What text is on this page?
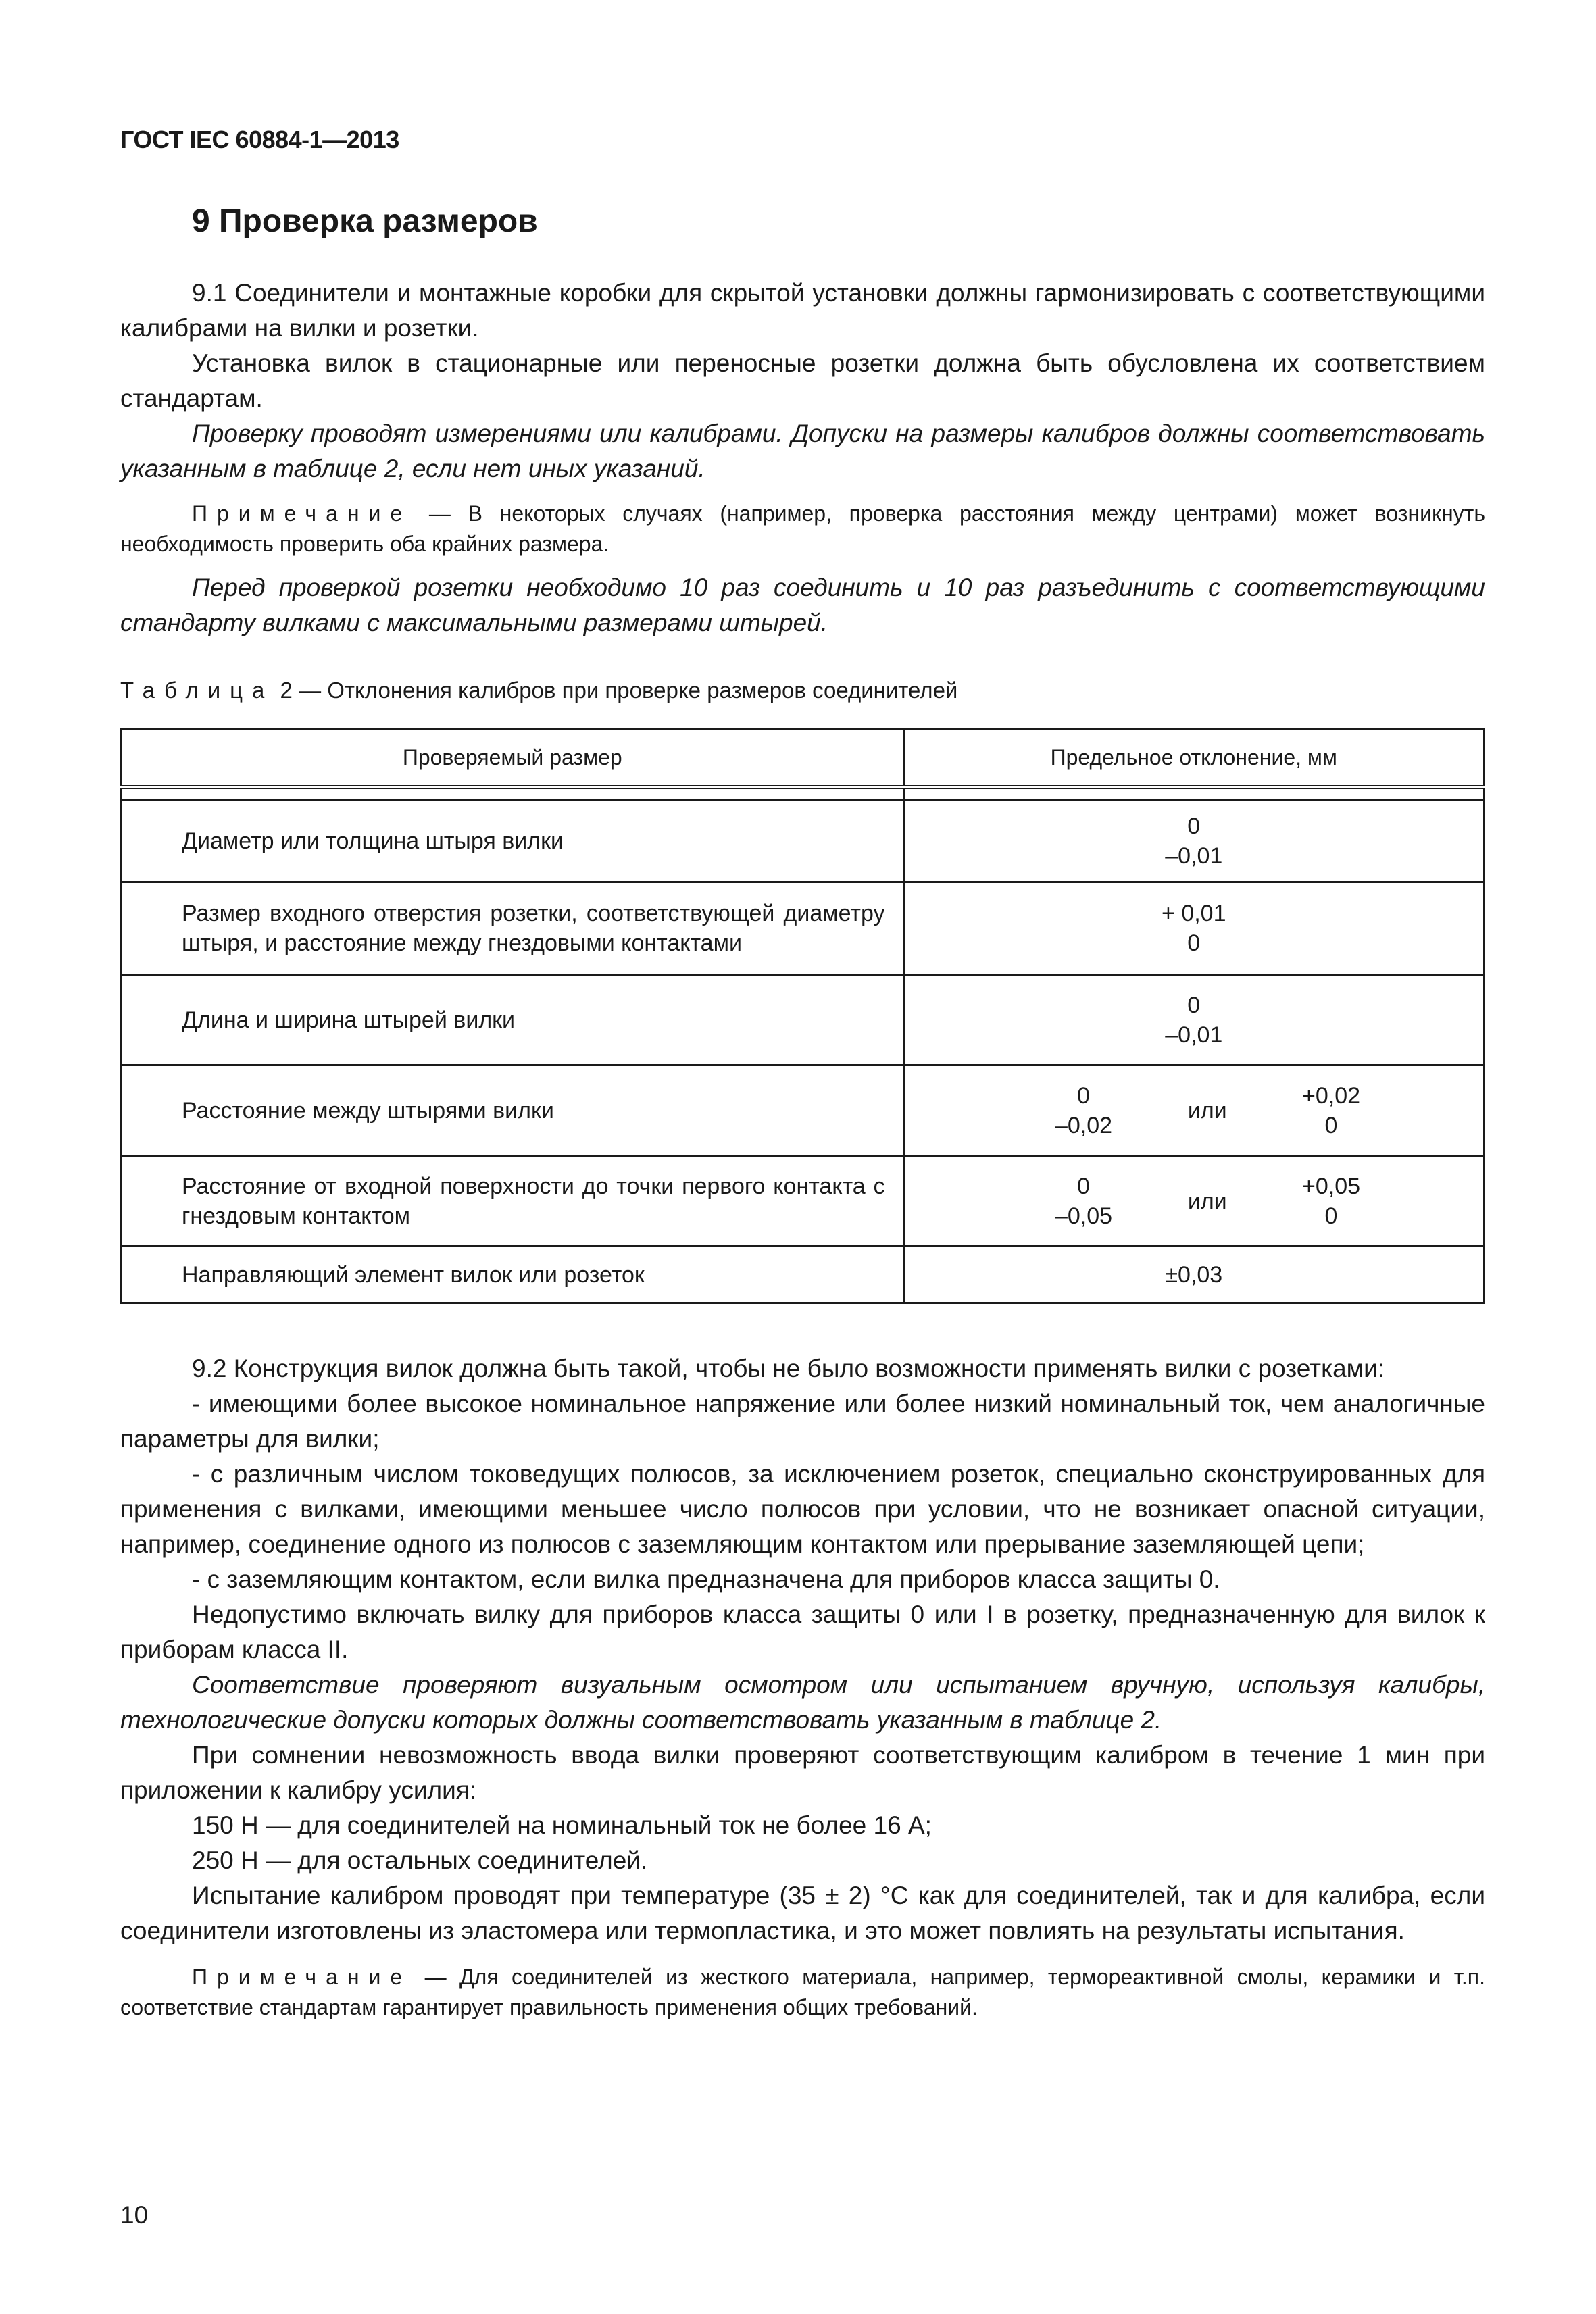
ГОСТ IEC 60884-1—2013
9 Проверка размеров

9.1 Соединители и монтажные коробки для скрытой установки должны гармонизировать с соответствующими калибрами на вилки и розетки.

Установка вилок в стационарные или переносные розетки должна быть обусловлена их соответствием стандартам.

Проверку проводят измерениями или калибрами. Допуски на размеры калибров должны соответствовать указанным в таблице 2, если нет иных указаний.

Примечание — В некоторых случаях (например, проверка расстояния между центрами) может возникнуть необходимость проверить оба крайних размера.

Перед проверкой розетки необходимо 10 раз соединить и 10 раз разъединить с соответствующими стандарту вилками с максимальными размерами штырей.

Таблица 2 — Отклонения калибров при проверке размеров соединителей
Проверяемый размер	Предельное отклонение, мм

Диаметр или толщина штыря вилки	0
–0,01

Размер входного отверстия розетки, соответствующей диаметру штыря, и расстояние между гнездовыми контактами	+ 0,01
0

Длина и ширина штырей вилки	0
–0,01

Расстояние между штырями вилки	0
–0,02
или
+0,02
0

Расстояние от входной поверхности до точки первого контакта с гнездовым контактом	0
–0,05
или
+0,05
0

Направляющий элемент вилок или розеток	±0,03

9.2 Конструкция вилок должна быть такой, чтобы не было возможности применять вилки с розетками:

- имеющими более высокое номинальное напряжение или более низкий номинальный ток, чем аналогичные параметры для вилки;

- с различным числом токоведущих полюсов, за исключением розеток, специально сконструированных для применения с вилками, имеющими меньшее число полюсов при условии, что не возникает опасной ситуации, например, соединение одного из полюсов с заземляющим контактом или прерывание заземляющей цепи;

- с заземляющим контактом, если вилка предназначена для приборов класса защиты 0.

Недопустимо включать вилку для приборов класса защиты 0 или I в розетку, предназначенную для вилок к приборам класса II.

Соответствие проверяют визуальным осмотром или испытанием вручную, используя калибры, технологические допуски которых должны соответствовать указанным в таблице 2.

При сомнении невозможность ввода вилки проверяют соответствующим калибром в течение 1 мин при приложении к калибру усилия:

150 Н — для соединителей на номинальный ток не более 16 А;

250 Н — для остальных соединителей.

Испытание калибром проводят при температуре (35 ± 2) °С как для соединителей, так и для калибра, если соединители изготовлены из эластомера или термопластика, и это может повлиять на результаты испытания.

Примечание — Для соединителей из жесткого материала, например, термореактивной смолы, керамики и т.п. соответствие стандартам гарантирует правильность применения общих требований.

10
